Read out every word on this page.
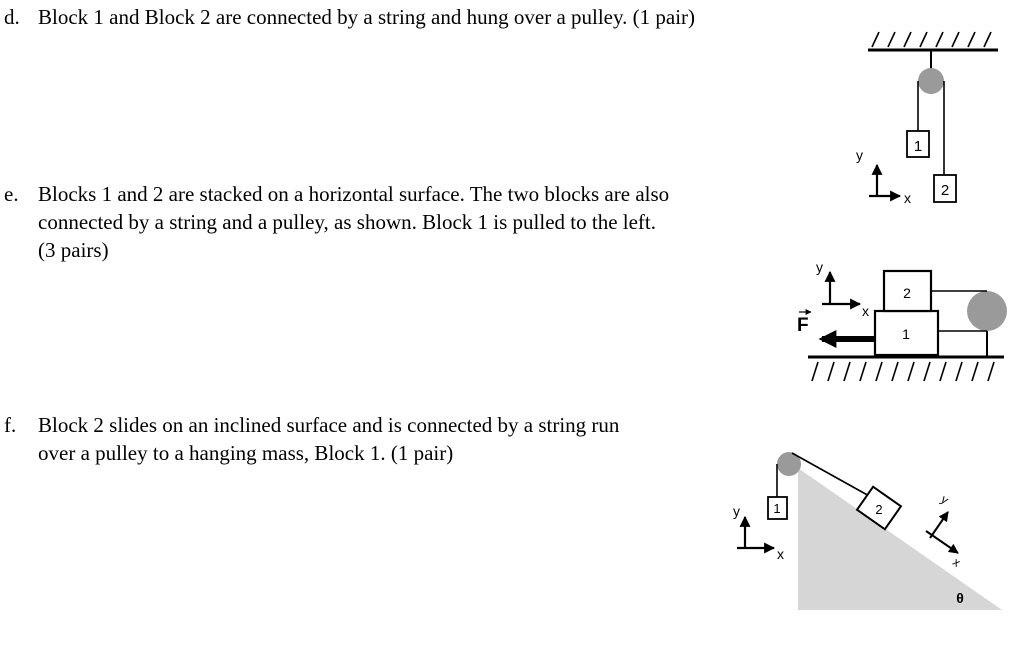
d. Block 1 and Block 2 are connected by a string and hung over a pulley. (1 pair)
e. Blocks 1 and 2 are stacked on a horizontal surface. The two blocks are also
connected by a string and a pulley, as shown. Block 1 is pulled to the left.
(3 pairs)
f. Block 2 slides on an inclined surface and is connected by a string run
over a pulley to a hanging mass, Block 1. (1 pair)
1
2
y
x
1
2
F
y
x
1	2
y
x
y
x
θ
